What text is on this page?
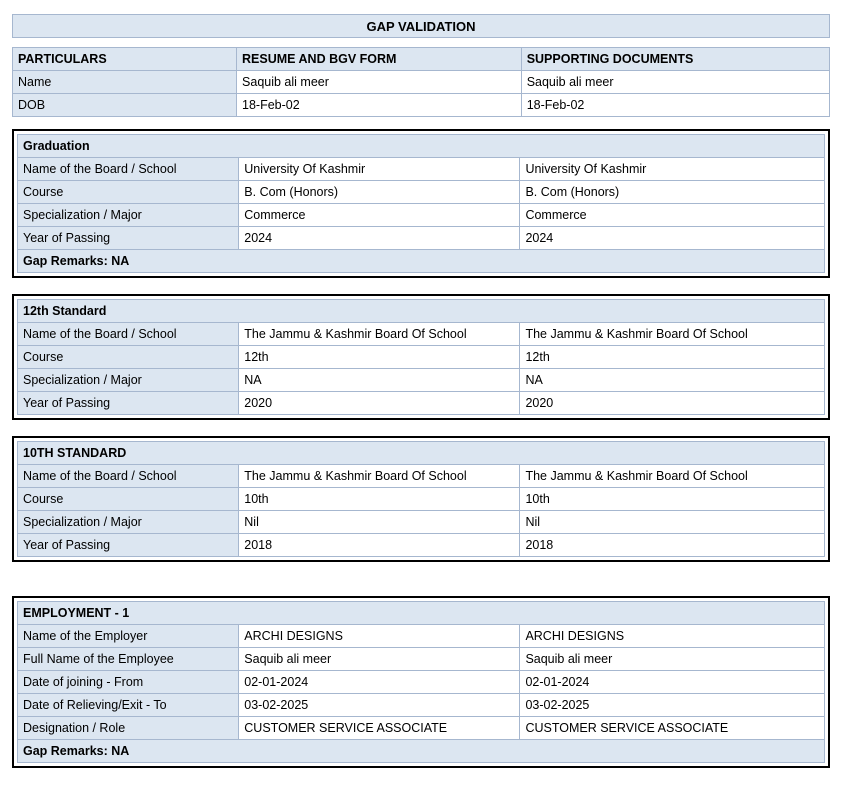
GAP VALIDATION
PARTICULARS	RESUME AND BGV FORM	SUPPORTING DOCUMENTS
Name	Saquib ali meer	Saquib ali meer
DOB	18-Feb-02	18-Feb-02
Graduation		
Name of the Board / School	University Of Kashmir	University Of Kashmir
Course	B. Com (Honors)	B. Com (Honors)
Specialization / Major	Commerce	Commerce
Year of Passing	2024	2024
Gap Remarks: NA		
12th Standard		
Name of the Board / School	The Jammu & Kashmir Board Of School	The Jammu & Kashmir Board Of School
Course	12th	12th
Specialization / Major	NA	NA
Year of Passing	2020	2020
10TH STANDARD		
Name of the Board / School	The Jammu & Kashmir Board Of School	The Jammu & Kashmir Board Of School
Course	10th	10th
Specialization / Major	Nil	Nil
Year of Passing	2018	2018
EMPLOYMENT - 1		
Name of the Employer	ARCHI DESIGNS	ARCHI DESIGNS
Full Name of the Employee	Saquib ali meer	Saquib ali meer
Date of joining - From	02-01-2024	02-01-2024
Date of Relieving/Exit - To	03-02-2025	03-02-2025
Designation / Role	CUSTOMER SERVICE ASSOCIATE	CUSTOMER SERVICE ASSOCIATE
Gap Remarks: NA		
